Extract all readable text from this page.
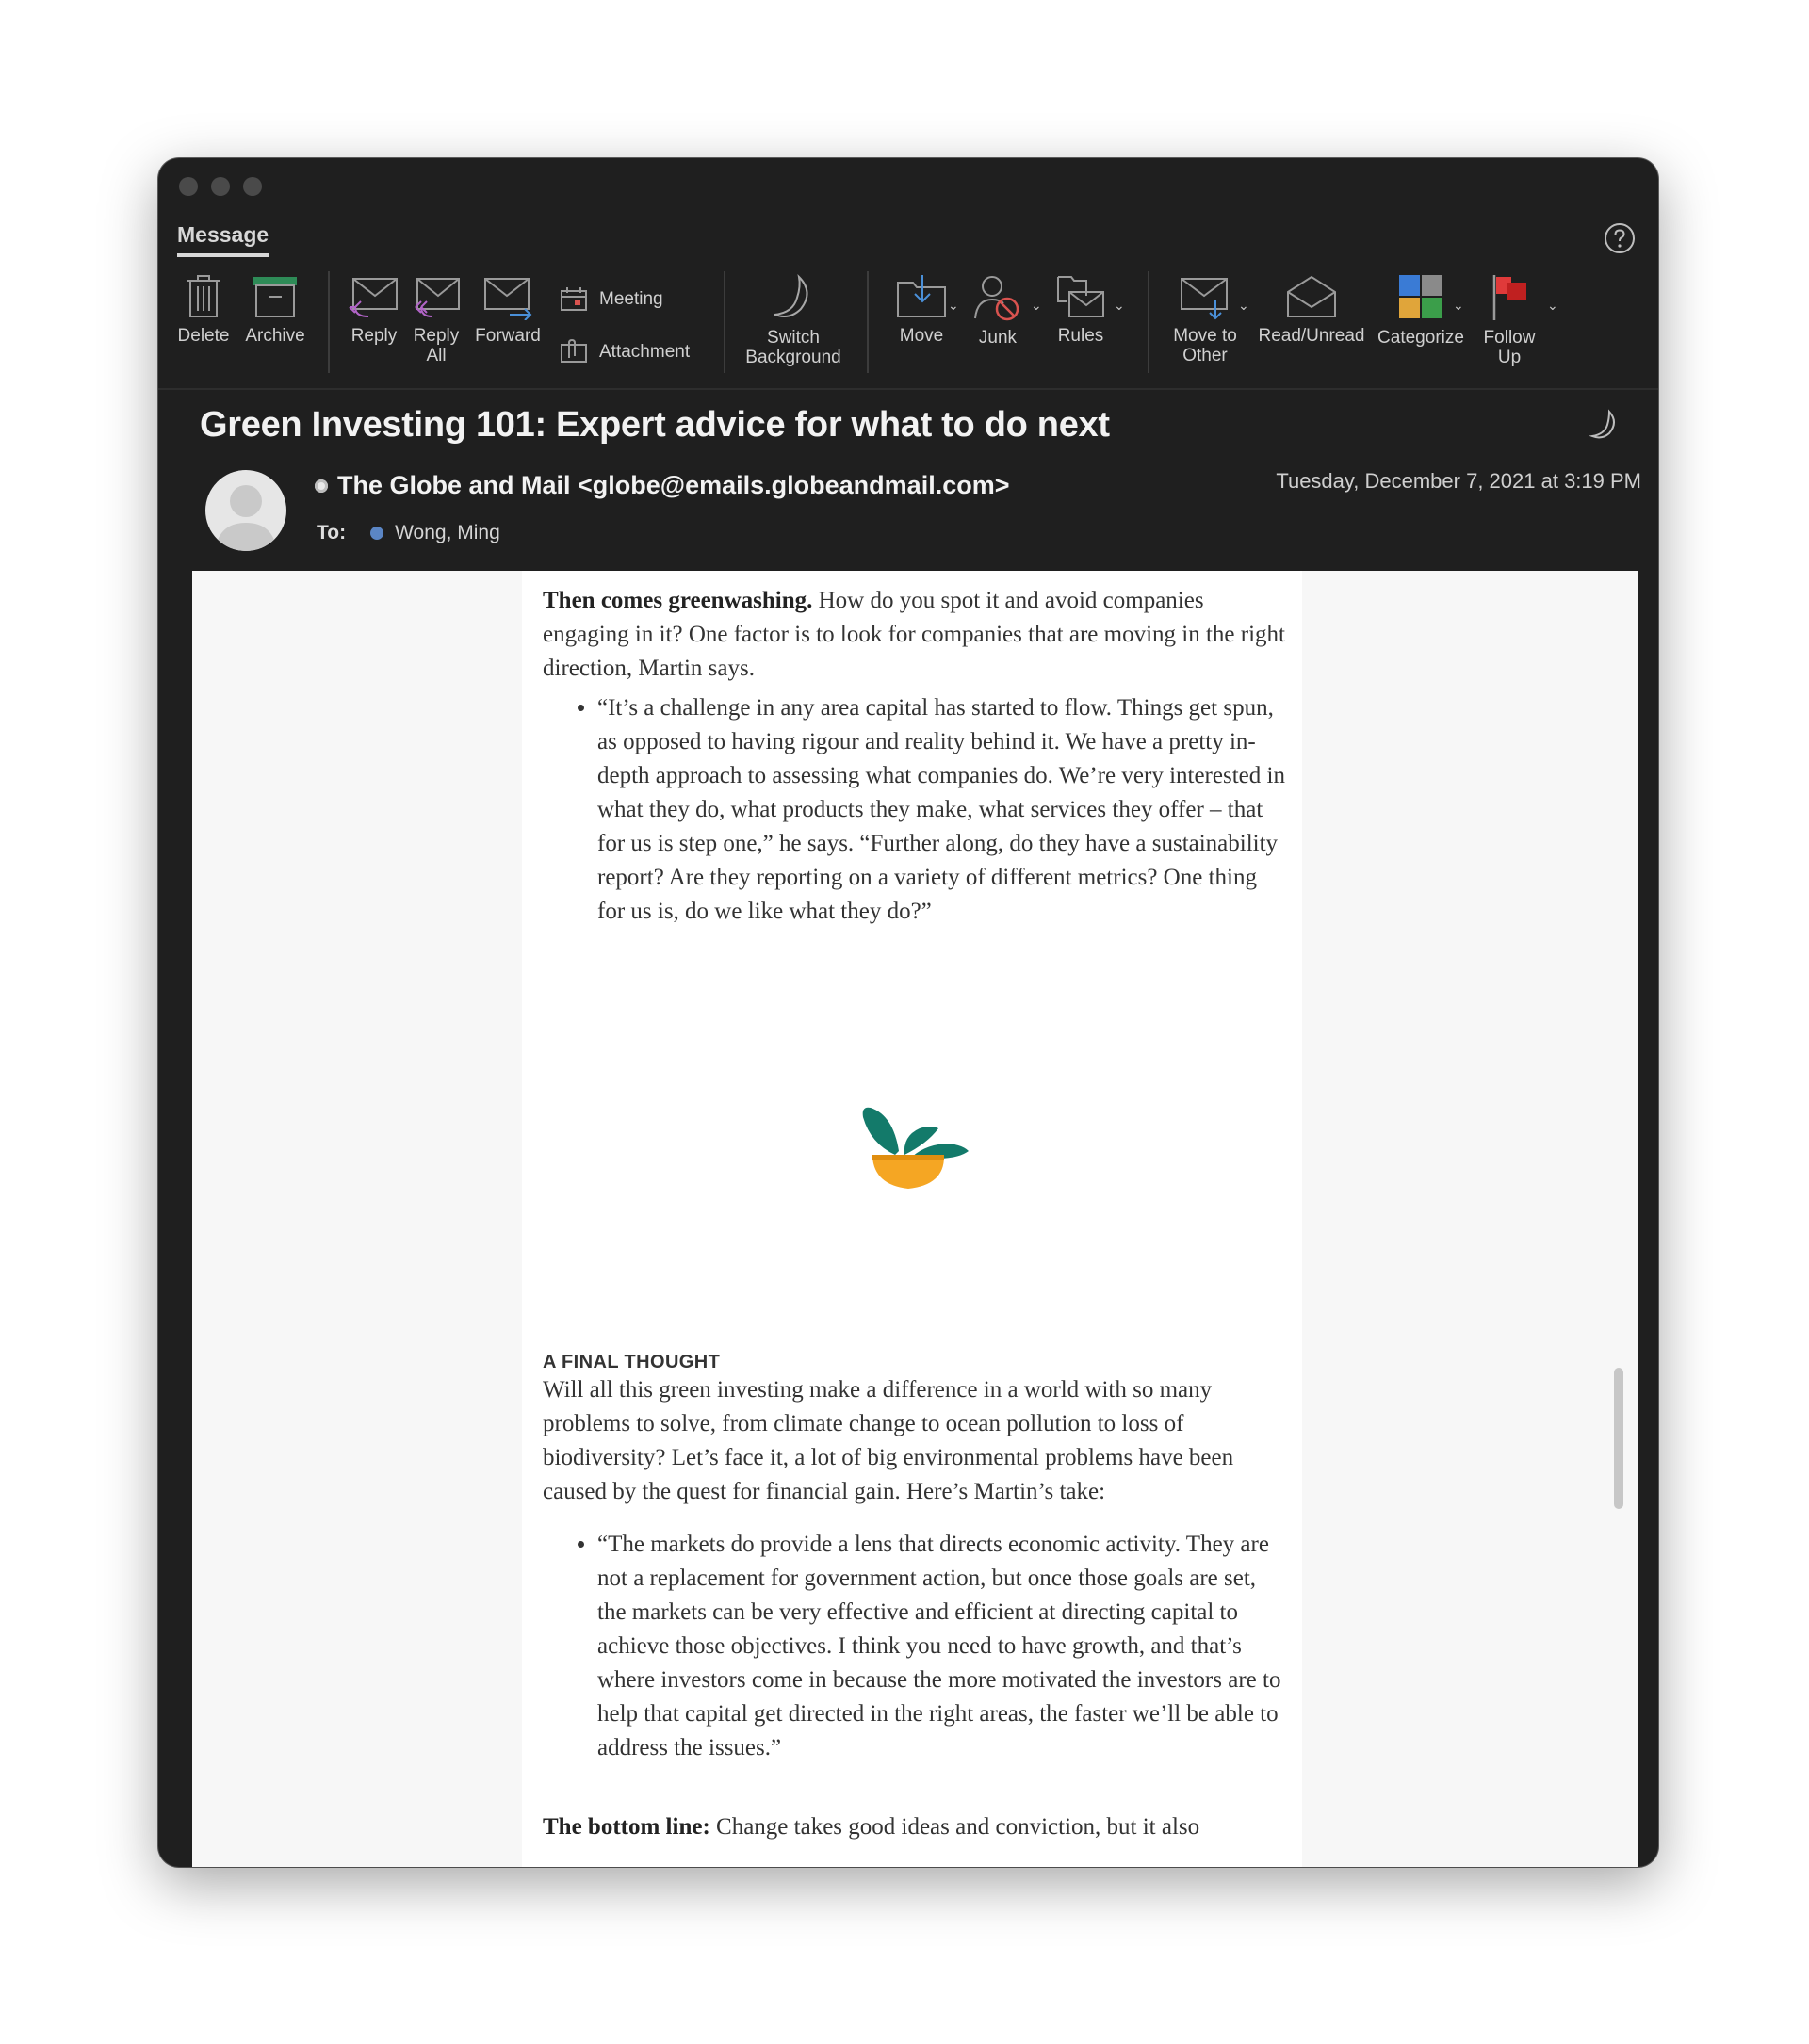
Message
Delete Archive	Reply Reply
All
Forward
Meeting
Attachment
Switch
Background
Move
⌄
Junk
⌄
Rules
⌄
Move to
Other
⌄
Read/Unread Categorize
⌄
Follow
Up
⌄
Green Investing 101: Expert advice for what to do next
The Globe and Mail <globe@emails.globeandmail.com>
To: Wong, Ming
Tuesday, December 7, 2021 at 3:19 PM

Then comes greenwashing. How do you spot it and avoid companies engaging in it? One factor is to look for companies that are moving in the right direction, Martin says.

• “It’s a challenge in any area capital has started to flow. Things get spun, as opposed to having rigour and reality behind it. We have a pretty in-depth approach to assessing what companies do. We’re very interested in what they do, what products they make, what services they offer – that for us is step one,” he says. “Further along, do they have a sustainability report? Are they reporting on a variety of different metrics? One thing for us is, do we like what they do?”
A FINAL THOUGHT

Will all this green investing make a difference in a world with so many problems to solve, from climate change to ocean pollution to loss of biodiversity? Let’s face it, a lot of big environmental problems have been caused by the quest for financial gain. Here’s Martin’s take:

• “The markets do provide a lens that directs economic activity. They are not a replacement for government action, but once those goals are set, the markets can be very effective and efficient at directing capital to achieve those objectives. I think you need to have growth, and that’s where investors come in because the more motivated the investors are to help that capital get directed in the right areas, the faster we’ll be able to address the issues.”

The bottom line: Change takes good ideas and conviction, but it also
